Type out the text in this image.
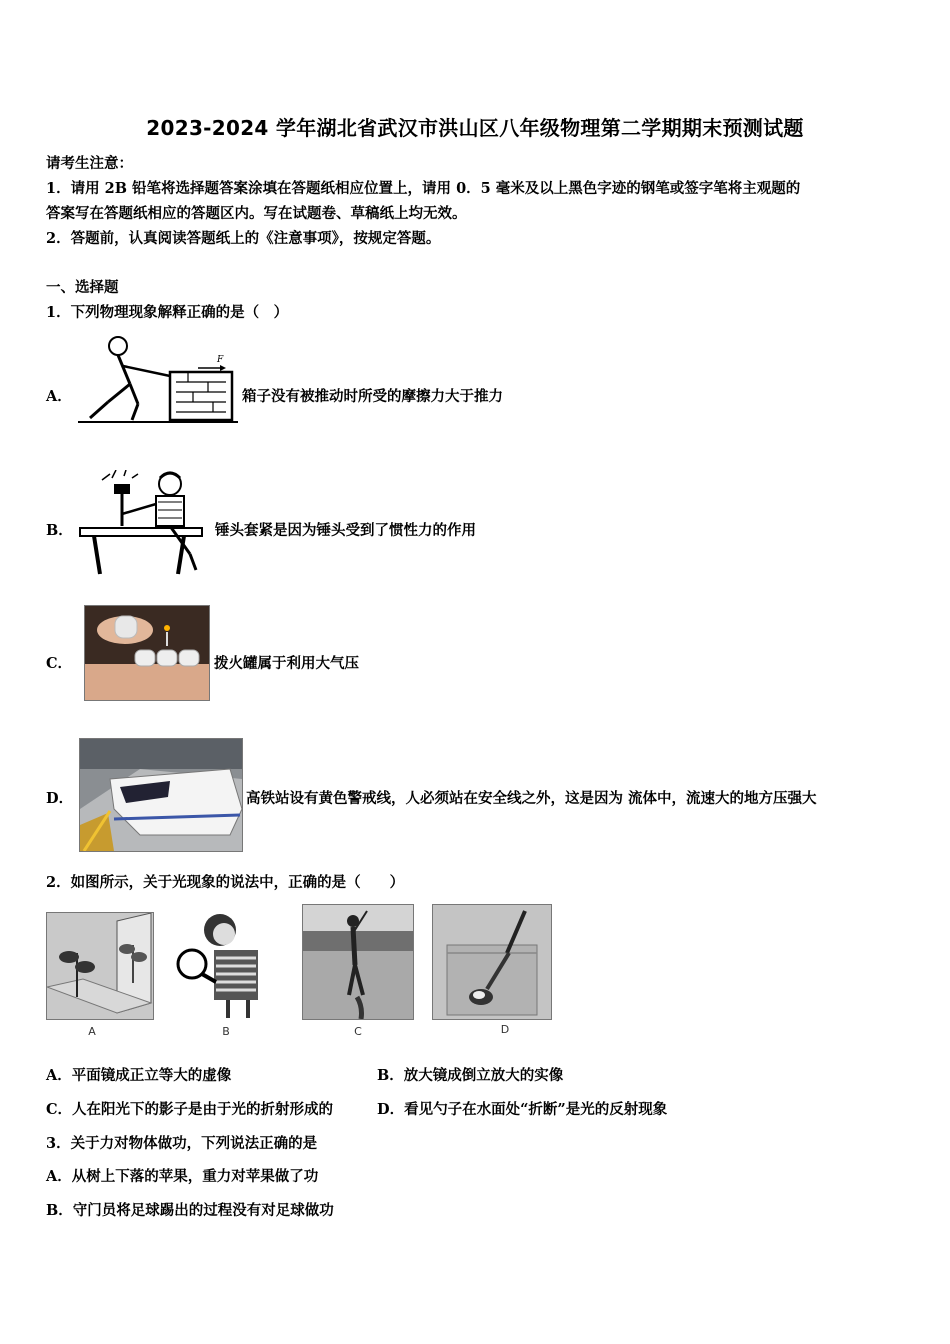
2023-2024 学年湖北省武汉市洪山区八年级物理第二学期期末预测试题
请考生注意：
1．请用 2B 铅笔将选择题答案涂填在答题纸相应位置上，请用 0．5 毫米及以上黑色字迹的钢笔或签字笔将主观题的
答案写在答题纸相应的答题区内。写在试题卷、草稿纸上均无效。
2．答题前，认真阅读答题纸上的《注意事项》，按规定答题。
一、选择题
1．下列物理现象解释正确的是（　）
A．
F
箱子没有被推动时所受的摩擦力大于推力
B．	锤头套紧是因为锤头受到了惯性力的作用
C．	拨火罐属于利用大气压
D．	高铁站设有黄色警戒线，人必须站在安全线之外，这是因为 流体中，流速大的地方压强大
2．如图所示，关于光现象的说法中，正确的是（　　）
A	B	C	D
A．平面镜成正立等大的虚像	B．放大镜成倒立放大的实像
C．人在阳光下的影子是由于光的折射形成的	D．看见勺子在水面处“折断”是光的反射现象
3．关于力对物体做功，下列说法正确的是
A．从树上下落的苹果，重力对苹果做了功
B．守门员将足球踢出的过程没有对足球做功
